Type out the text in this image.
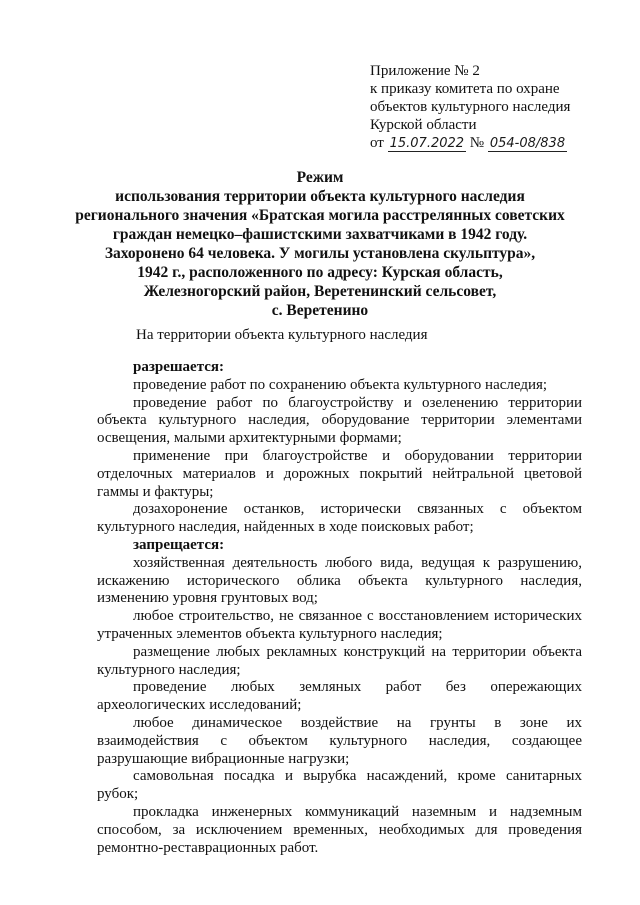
Приложение № 2
к приказу комитета по охране
объектов культурного наследия
Курской области
от 15.07.2022 № 054-08/838
Режим
использования территории объекта культурного наследия
регионального значения «Братская могила расстрелянных советских
граждан немецко–фашистскими захватчиками в 1942 году.
Захоронено 64 человека. У могилы установлена скульптура»,
1942 г., расположенного по адресу: Курская область,
Железногорский район, Веретенинский сельсовет,
с. Веретенино
На территории объекта культурного наследия

разрешается:

проведение работ по сохранению объекта культурного наследия;

проведение работ по благоустройству и озеленению территории объекта культурного наследия, оборудование территории элементами освещения, малыми архитектурными формами;

применение при благоустройстве и оборудовании территории отделочных материалов и дорожных покрытий нейтральной цветовой гаммы и фактуры;

дозахоронение останков, исторически связанных с объектом культурного наследия, найденных в ходе поисковых работ;

запрещается:

хозяйственная деятельность любого вида, ведущая к разрушению, искажению исторического облика объекта культурного наследия, изменению уровня грунтовых вод;

любое строительство, не связанное с восстановлением исторических утраченных элементов объекта культурного наследия;

размещение любых рекламных конструкций на территории объекта культурного наследия;

проведение любых земляных работ без опережающих археологических исследований;

любое динамическое воздействие на грунты в зоне их взаимодействия с объектом культурного наследия, создающее разрушающие вибрационные нагрузки;

самовольная посадка и вырубка насаждений, кроме санитарных рубок;

прокладка инженерных коммуникаций наземным и надземным способом, за исключением временных, необходимых для проведения ремонтно-реставрационных работ.
